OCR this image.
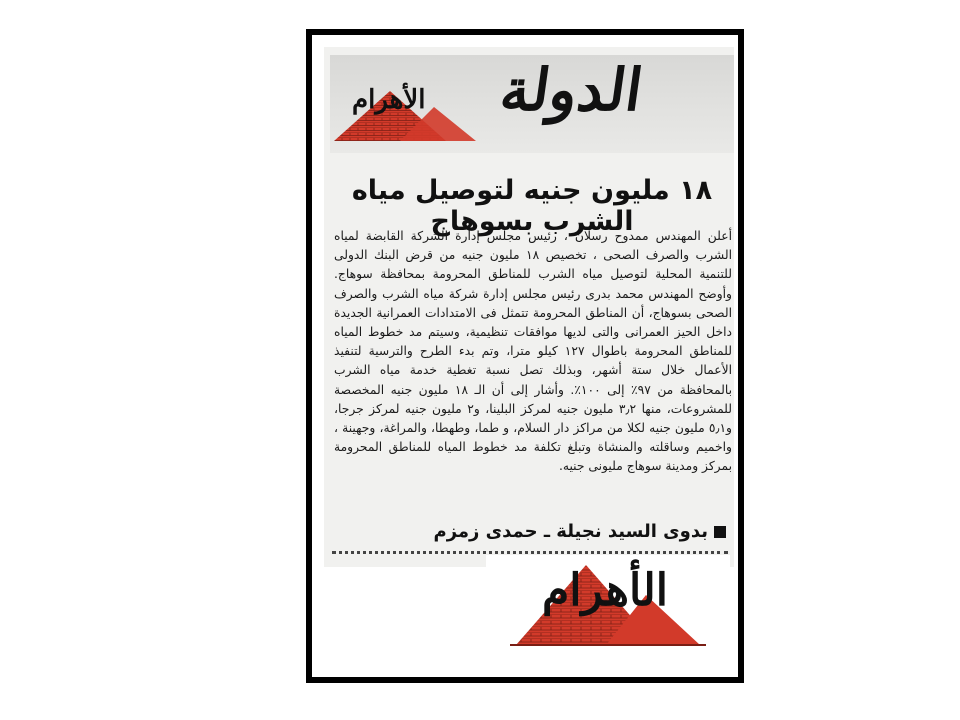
الأهرام الدولة
١٨ مليون جنيه لتوصيل مياه الشرب بسوهاج
أعلن المهندس ممدوح رسلان ، رئيس مجلس إدارة الشركة القابضة لمياه الشرب والصرف الصحى ، تخصيص ١٨ مليون جنيه من قرض البنك الدولى للتنمية المحلية لتوصيل مياه الشرب للمناطق المحرومة بمحافظة سوهاج. وأوضح المهندس محمد بدرى رئيس مجلس إدارة شركة مياه الشرب والصرف الصحى بسوهاج، أن المناطق المحرومة تتمثل فى الامتدادات العمرانية الجديدة داخل الحيز العمرانى والتى لديها موافقات تنظيمية، وسيتم مد خطوط المياه للمناطق المحرومة باطوال ١٢٧ كيلو مترا، وتم بدء الطرح والترسية لتنفيذ الأعمال خلال ستة أشهر، وبذلك تصل نسبة تغطية خدمة مياه الشرب بالمحافظة من ٩٧٪ إلى ١٠٠٪. وأشار إلى أن الـ ١٨ مليون جنيه المخصصة للمشروعات، منها ٣٫٢ مليون جنيه لمركز البلينا، و٢ مليون جنيه لمركز جرجا، و٥٫١ مليون جنيه لكلا من مراكز دار السلام، و طما، وطهطا، والمراغة، وجهينة ، واخميم وساقلته والمنشاة وتبلغ تكلفة مد خطوط المياه للمناطق المحرومة بمركز ومدينة سوهاج مليونى جنيه.
بدوى السيد نجيلة ـ حمدى زمزم
الأهرام
